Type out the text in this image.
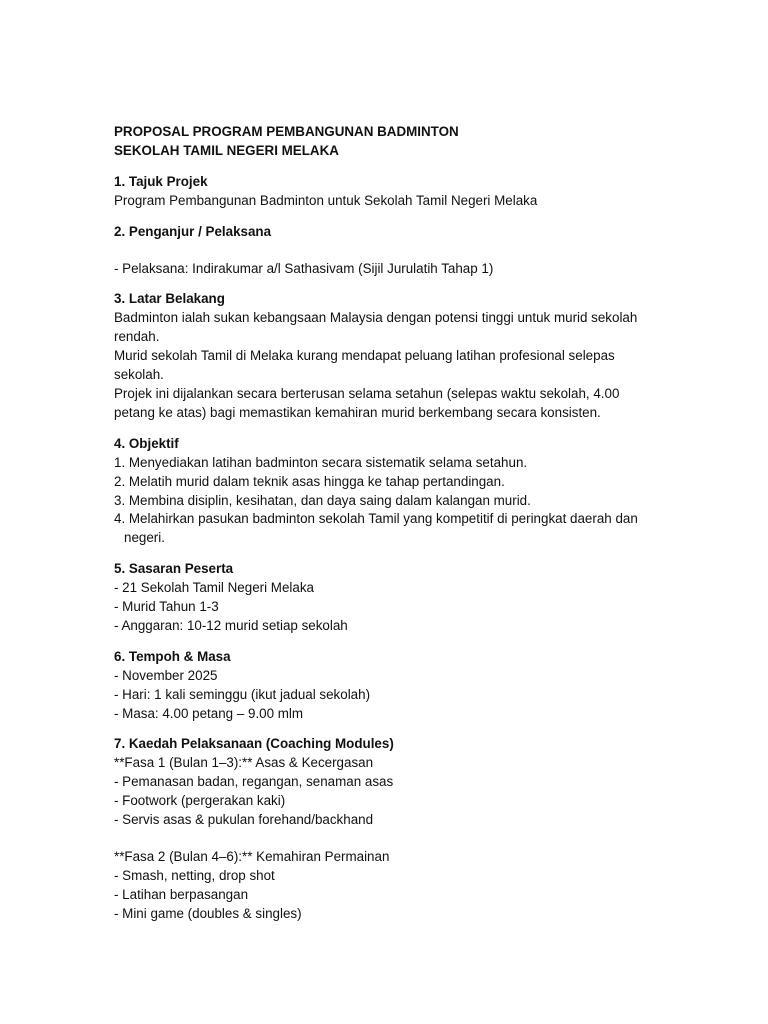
PROPOSAL PROGRAM PEMBANGUNAN BADMINTON
SEKOLAH TAMIL NEGERI MELAKA
1. Tajuk Projek
Program Pembangunan Badminton untuk Sekolah Tamil Negeri Melaka
2. Penganjur / Pelaksana
- Pelaksana: Indirakumar a/l Sathasivam (Sijil Jurulatih Tahap 1)
3. Latar Belakang
Badminton ialah sukan kebangsaan Malaysia dengan potensi tinggi untuk murid sekolah rendah.
Murid sekolah Tamil di Melaka kurang mendapat peluang latihan profesional selepas sekolah.
Projek ini dijalankan secara berterusan selama setahun (selepas waktu sekolah, 4.00 petang ke atas) bagi memastikan kemahiran murid berkembang secara konsisten.
4. Objektif
1. Menyediakan latihan badminton secara sistematik selama setahun.
2. Melatih murid dalam teknik asas hingga ke tahap pertandingan.
3. Membina disiplin, kesihatan, dan daya saing dalam kalangan murid.
4. Melahirkan pasukan badminton sekolah Tamil yang kompetitif di peringkat daerah dan negeri.
5. Sasaran Peserta
- 21 Sekolah Tamil Negeri Melaka
- Murid Tahun 1-3
- Anggaran: 10-12 murid setiap sekolah
6. Tempoh & Masa
- November 2025
- Hari: 1 kali seminggu (ikut jadual sekolah)
- Masa: 4.00 petang – 9.00 mlm
7. Kaedah Pelaksanaan (Coaching Modules)
**Fasa 1 (Bulan 1–3):** Asas & Kecergasan
- Pemanasan badan, regangan, senaman asas
- Footwork (pergerakan kaki)
- Servis asas & pukulan forehand/backhand
**Fasa 2 (Bulan 4–6):** Kemahiran Permainan
- Smash, netting, drop shot
- Latihan berpasangan
- Mini game (doubles & singles)
